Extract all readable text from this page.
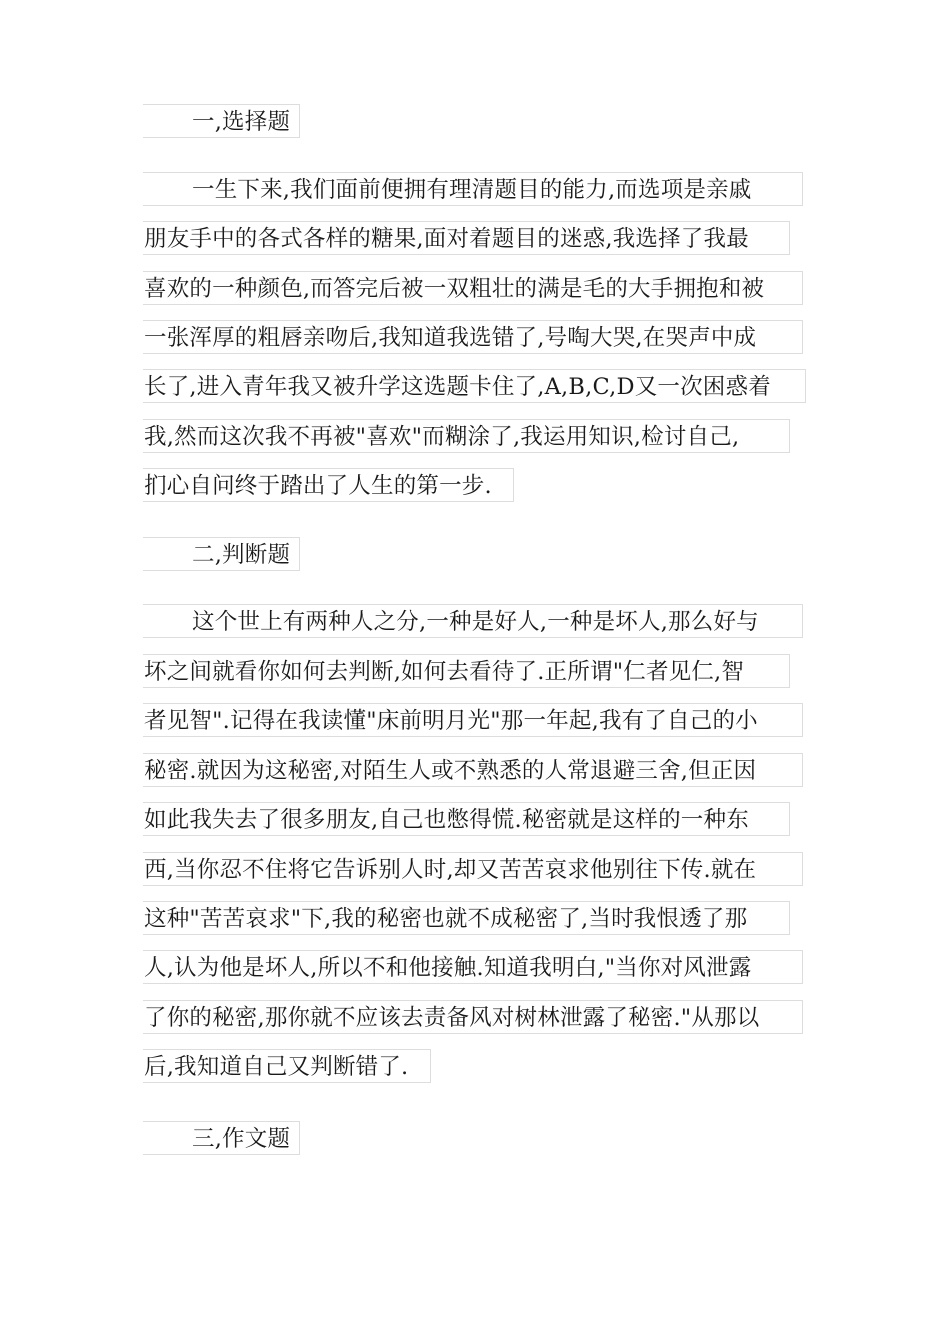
一,选择题
一生下来,我们面前便拥有理清题目的能力,而选项是亲戚
朋友手中的各式各样的糖果,面对着题目的迷惑,我选择了我最
喜欢的一种颜色,而答完后被一双粗壮的满是毛的大手拥抱和被
一张浑厚的粗唇亲吻后,我知道我选错了,号啕大哭,在哭声中成
长了,进入青年我又被升学这选题卡住了,A,B,C,D又一次困惑着
我,然而这次我不再被"喜欢"而糊涂了,我运用知识,检讨自己,
扪心自问终于踏出了人生的第一步.
二,判断题
这个世上有两种人之分,一种是好人,一种是坏人,那么好与
坏之间就看你如何去判断,如何去看待了.正所谓"仁者见仁,智
者见智".记得在我读懂"床前明月光"那一年起,我有了自己的小
秘密.就因为这秘密,对陌生人或不熟悉的人常退避三舍,但正因
如此我失去了很多朋友,自己也憋得慌.秘密就是这样的一种东
西,当你忍不住将它告诉别人时,却又苦苦哀求他别往下传.就在
这种"苦苦哀求"下,我的秘密也就不成秘密了,当时我恨透了那
人,认为他是坏人,所以不和他接触.知道我明白,"当你对风泄露
了你的秘密,那你就不应该去责备风对树林泄露了秘密."从那以
后,我知道自己又判断错了.
三,作文题
